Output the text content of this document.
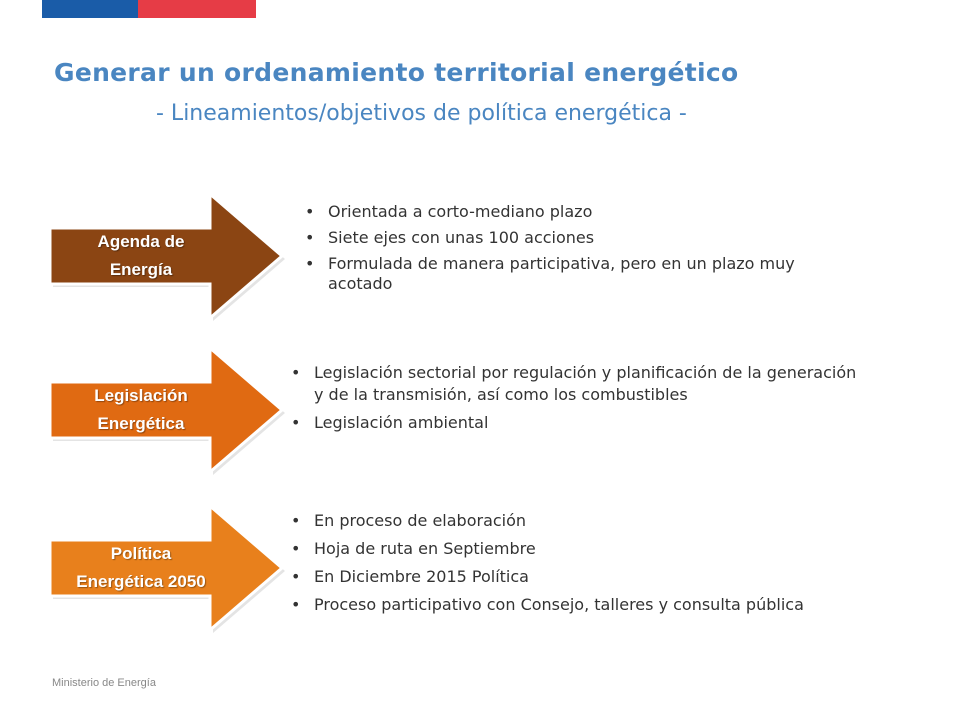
Generar un ordenamiento territorial energético
- Lineamientos/objetivos de política energética -
Agenda de
Energía
• Orientada a corto-mediano plazo
• Siete ejes con unas 100 acciones
• Formulada de manera participativa, pero en un plazo muy acotado
Legislación
Energética
• Legislación sectorial por regulación y planificación de la generación y de la transmisión, así como los combustibles
• Legislación ambiental
Política
Energética 2050
• En proceso de elaboración
• Hoja de ruta en Septiembre
• En Diciembre 2015 Política
• Proceso participativo con Consejo, talleres y consulta pública
Ministerio de Energía
